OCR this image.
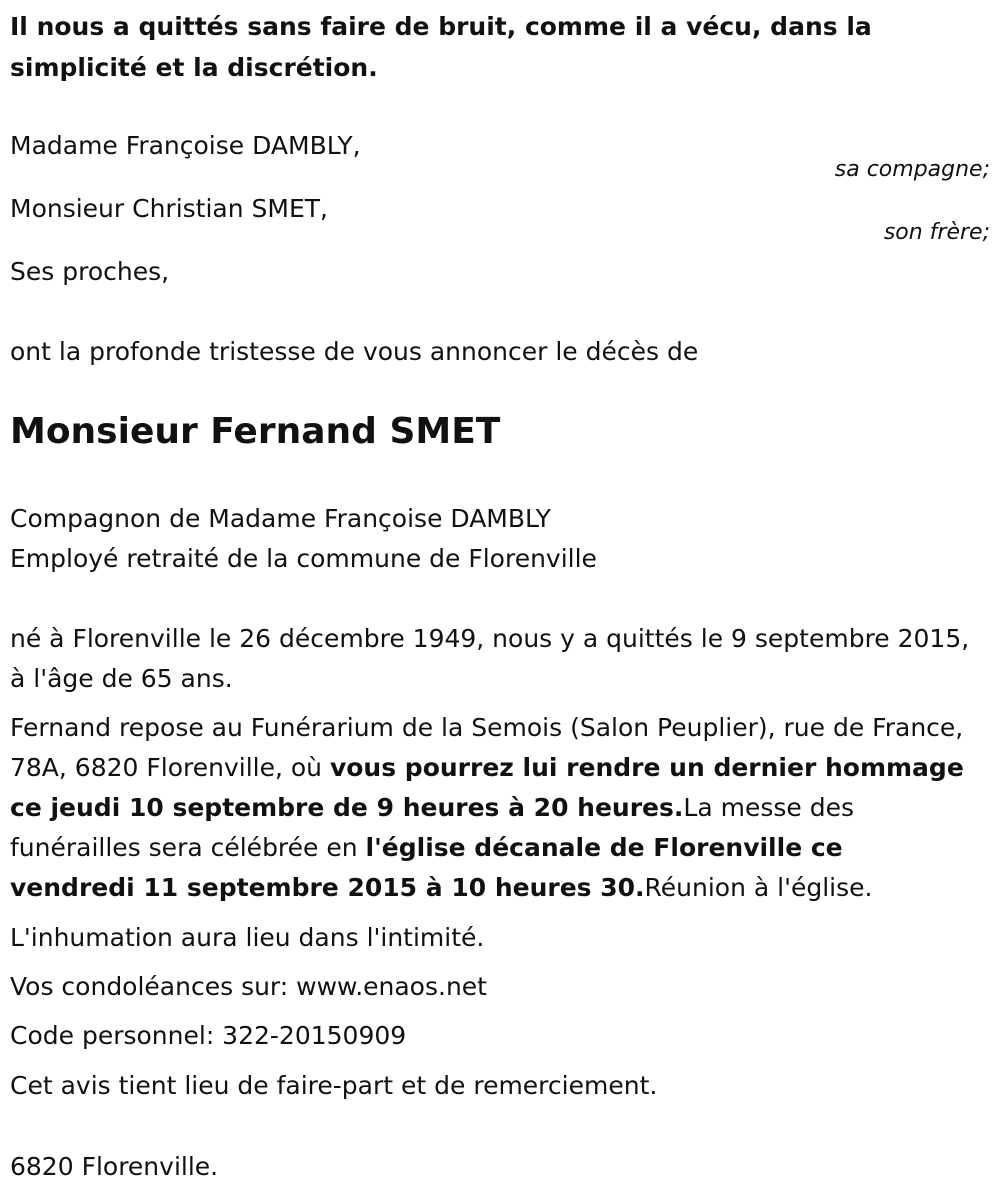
Il nous a quittés sans faire de bruit, comme il a vécu, dans la simplicité et la discrétion.
Madame Françoise DAMBLY,
sa compagne;
Monsieur Christian SMET,
son frère;
Ses proches,
ont la profonde tristesse de vous annoncer le décès de
Monsieur Fernand SMET
Compagnon de Madame Françoise DAMBLY
Employé retraité de la commune de Florenville
né à Florenville le 26 décembre 1949, nous y a quittés le 9 septembre 2015, à l'âge de 65 ans.
Fernand repose au Funérarium de la Semois (Salon Peuplier), rue de France, 78A, 6820 Florenville, où vous pourrez lui rendre un dernier hommage ce jeudi 10 septembre de 9 heures à 20 heures.La messe des funérailles sera célébrée en l'église décanale de Florenville ce vendredi 11 septembre 2015 à 10 heures 30.Réunion à l'église.
L'inhumation aura lieu dans l'intimité.
Vos condoléances sur: www.enaos.net
Code personnel: 322-20150909
Cet avis tient lieu de faire-part et de remerciement.
6820 Florenville.
